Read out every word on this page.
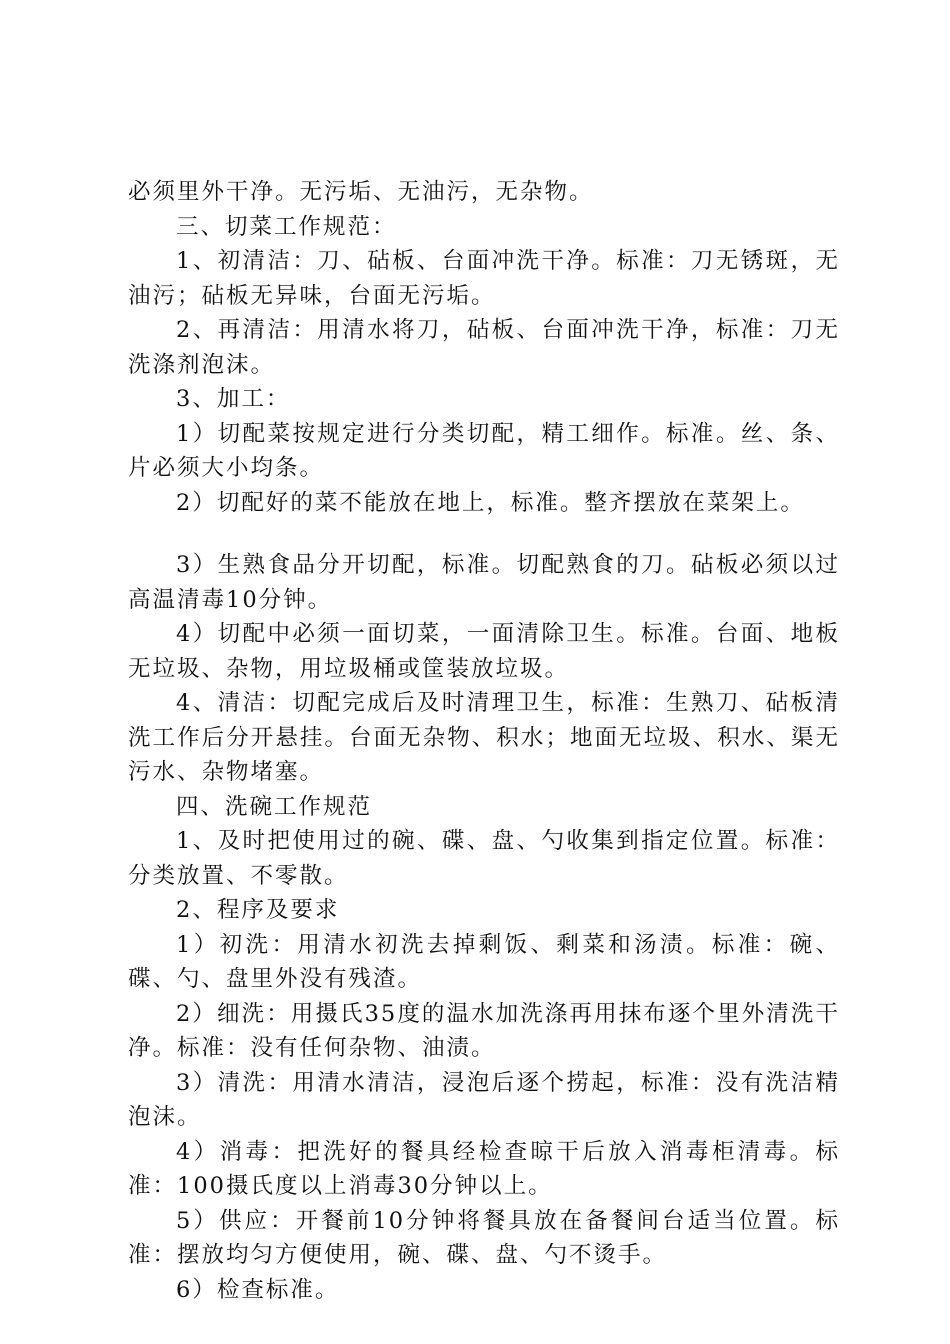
必须里外干净。无污垢、无油污，无杂物。

三、切菜工作规范：

1、初清洁：刀、砧板、台面冲洗干净。标准：刀无锈斑，无油污；砧板无异味，台面无污垢。

2、再清洁：用清水将刀，砧板、台面冲洗干净，标准：刀无洗涤剂泡沫。

3、加工：

1）切配菜按规定进行分类切配，精工细作。标准。丝、条、片必须大小均条。

2）切配好的菜不能放在地上，标准。整齐摆放在菜架上。

3）生熟食品分开切配，标准。切配熟食的刀。砧板必须以过高温清毒10分钟。

4）切配中必须一面切菜，一面清除卫生。标准。台面、地板无垃圾、杂物，用垃圾桶或筐装放垃圾。

4、清洁：切配完成后及时清理卫生，标准：生熟刀、砧板清洗工作后分开悬挂。台面无杂物、积水；地面无垃圾、积水、渠无污水、杂物堵塞。

四、洗碗工作规范

1、及时把使用过的碗、碟、盘、勺收集到指定位置。标准：分类放置、不零散。

2、程序及要求

1）初洗：用清水初洗去掉剩饭、剩菜和汤渍。标准：碗、碟、勺、盘里外没有残渣。

2）细洗：用摄氏35度的温水加洗涤再用抹布逐个里外清洗干净。标准：没有任何杂物、油渍。

3）清洗：用清水清洁，浸泡后逐个捞起，标准：没有洗洁精泡沫。

4）消毒：把洗好的餐具经检查晾干后放入消毒柜清毒。标准：100摄氏度以上消毒30分钟以上。

5）供应：开餐前10分钟将餐具放在备餐间台适当位置。标准：摆放均匀方便使用，碗、碟、盘、勺不烫手。

6）检查标准。
